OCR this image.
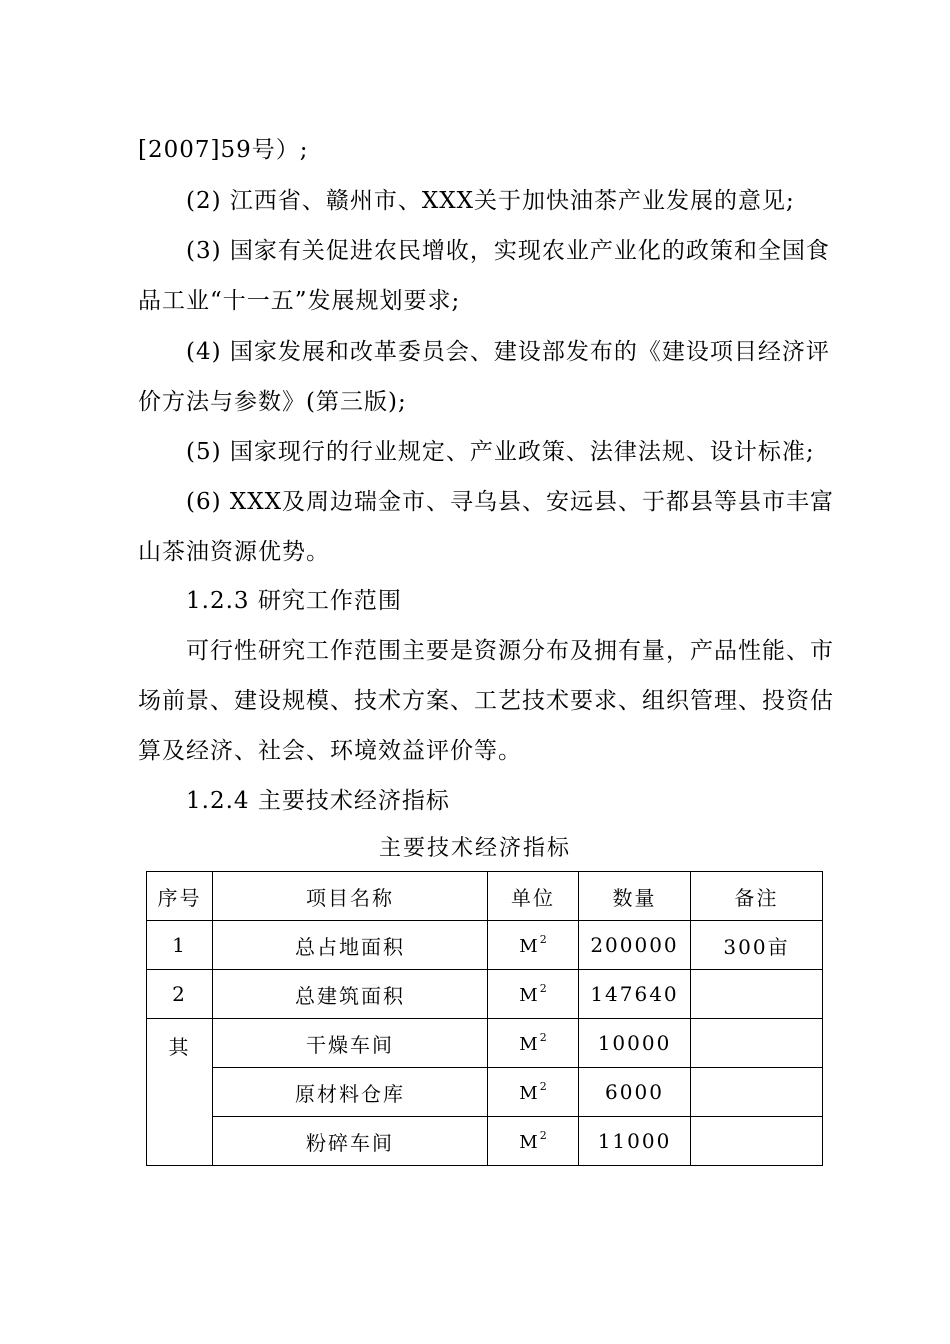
[2007]59号）;
(2) 江西省、赣州市、XXX关于加快油茶产业发展的意见;
(3) 国家有关促进农民增收，实现农业产业化的政策和全国食
品工业“十一五”发展规划要求;
(4) 国家发展和改革委员会、建设部发布的《建设项目经济评
价方法与参数》(第三版);
(5) 国家现行的行业规定、产业政策、法律法规、设计标准;
(6) XXX及周边瑞金市、寻乌县、安远县、于都县等县市丰富
山茶油资源优势。
1.2.3 研究工作范围
可行性研究工作范围主要是资源分布及拥有量，产品性能、市
场前景、建设规模、技术方案、工艺技术要求、组织管理、投资估
算及经济、社会、环境效益评价等。
1.2.4 主要技术经济指标
主要技术经济指标
序号	项目名称	单位	数量	备注
1	总占地面积	$M^2$	200000	300亩
2	总建筑面积	$M^2$	147640	
其	干燥车间	$M^2$	10000	
	原材料仓库	$M^2$	6000	
	粉碎车间	$M^2$	11000	
